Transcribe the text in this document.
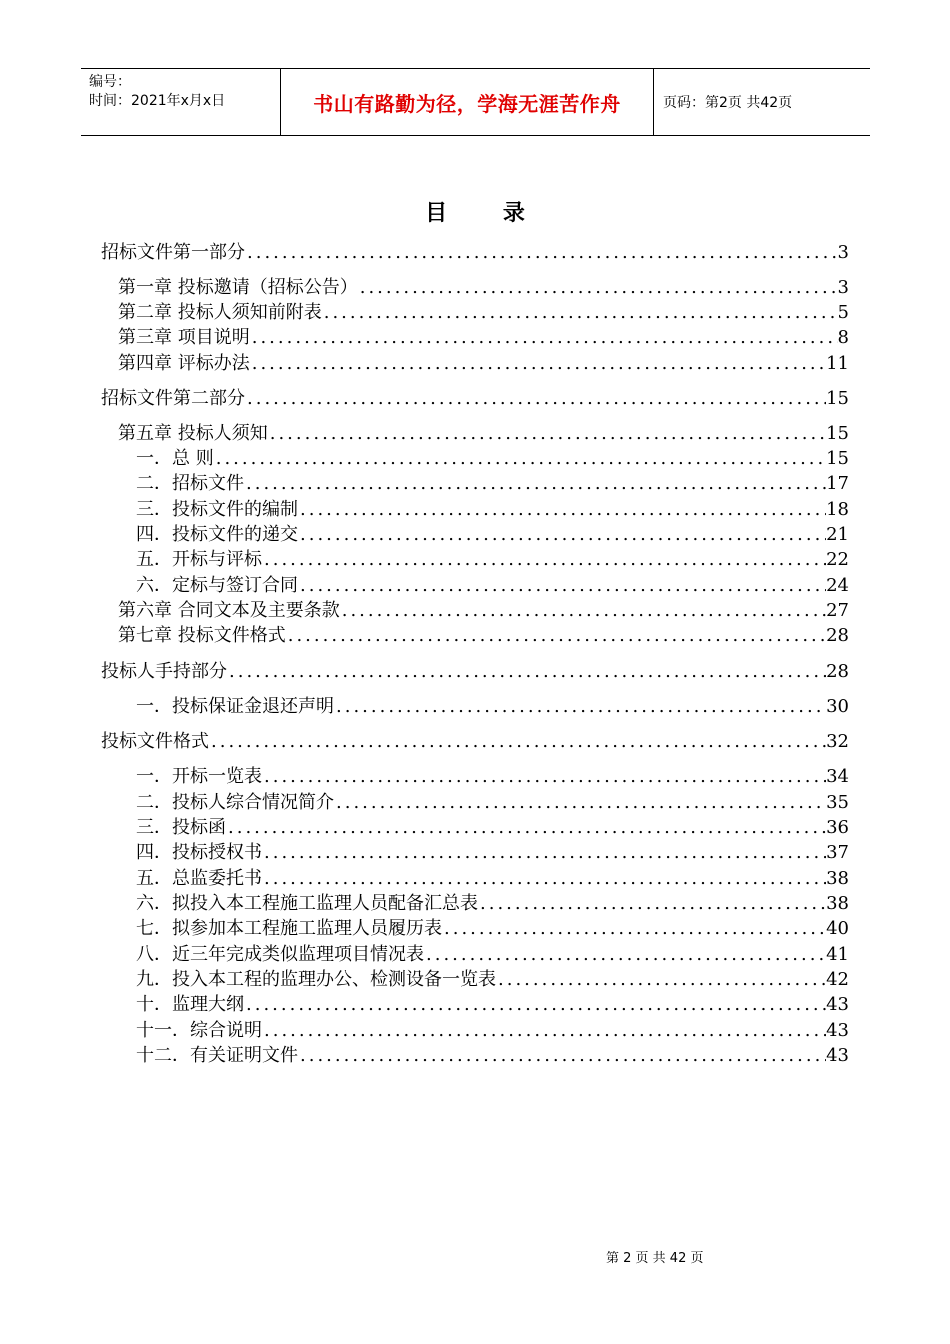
编号：
时间：2021年x月x日	书山有路勤为径，学海无涯苦作舟	页码：第2页 共42页
目 录
招标文件第一部分 .....	3
第一章 投标邀请（招标公告） .....	3
第二章 投标人须知前附表 .....	5
第三章 项目说明 .....	8
第四章 评标办法 .....	11
招标文件第二部分 .....	15
第五章 投标人须知 .....	15
一．总 则 .....	15
二．招标文件 .....	17
三．投标文件的编制 .....	18
四．投标文件的递交 .....	21
五．开标与评标 .....	22
六．定标与签订合同 .....	24
第六章 合同文本及主要条款 .....	27
第七章 投标文件格式 .....	28
投标人手持部分 .....	28
一．投标保证金退还声明 .....	30
投标文件格式 .....	32
一．开标一览表 .....	34
二．投标人综合情况简介 .....	35
三．投标函 .....	36
四．投标授权书 .....	37
五．总监委托书 .....	38
六．拟投入本工程施工监理人员配备汇总表 .....	38
七．拟参加本工程施工监理人员履历表 .....	40
八．近三年完成类似监理项目情况表 .....	41
九．投入本工程的监理办公、检测设备一览表 .....	42
十．监理大纲 .....	43
十一．综合说明 .....	43
十二．有关证明文件 .....	43
第 2 页 共 42 页
